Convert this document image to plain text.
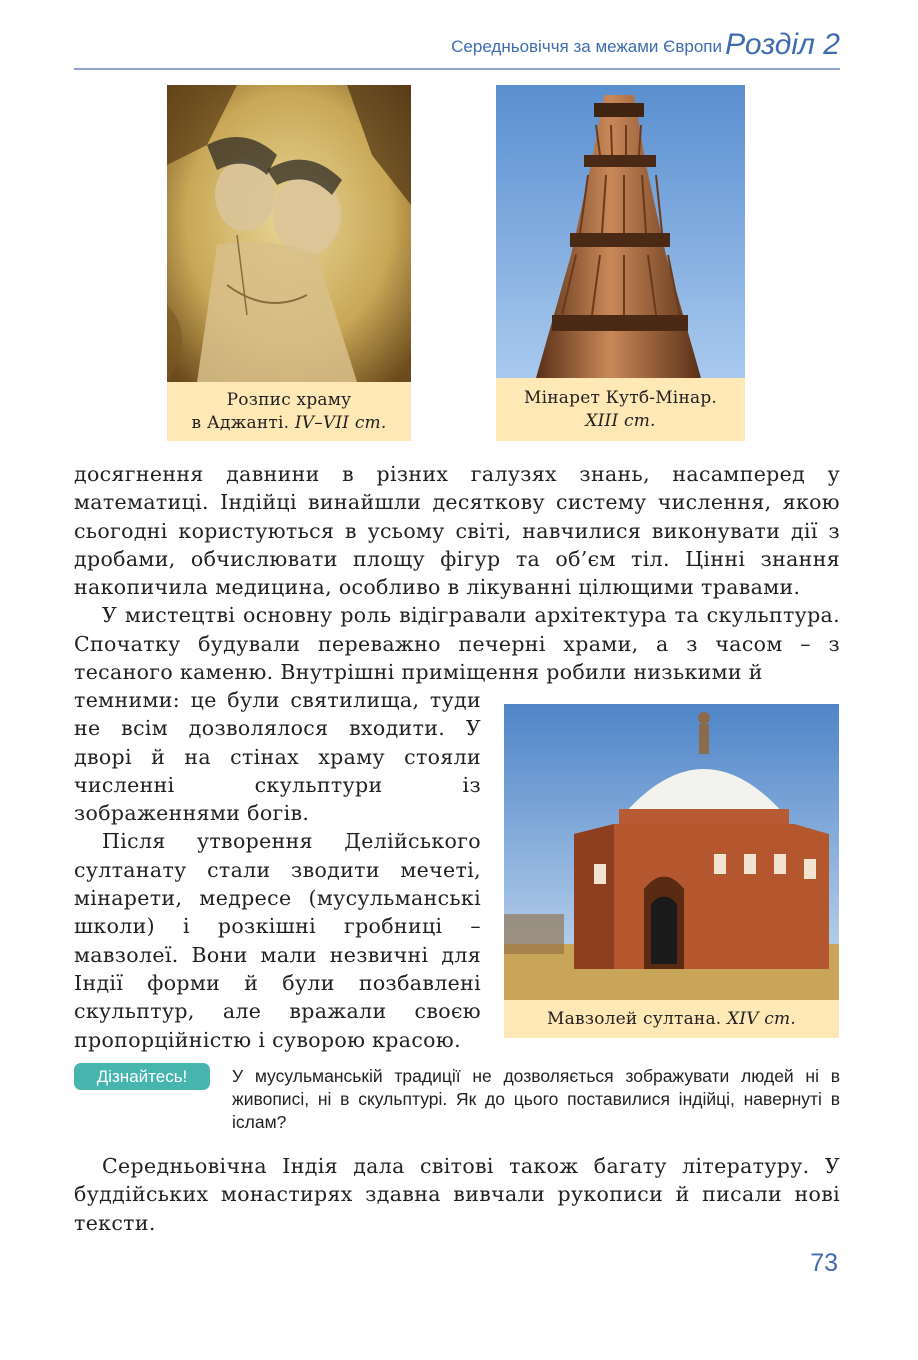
Середньовіччя за межами Європи Розділ 2
Розпис храму
в Аджанті. IV–VII ст.
Мінарет Кутб-Мінар.
XIII ст.

досягнення давнини в різних галузях знань, насамперед у математиці. Індійці винайшли десяткову систему числення, якою сьогодні користуються в усьому світі, навчилися виконувати дії з дробами, обчислювати площу фігур та об’єм тіл. Цінні знання накопичила медицина, особливо в лікуванні цілющими травами.

У мистецтві основну роль відігравали архітектура та скульптура. Спочатку будували переважно печерні храми, а з часом – з тесаного каменю. Внутрішні приміщення робили низькими й

темними: це були святилища, туди не всім дозволялося входити. У дворі й на стінах храму стояли численні скульптури із зображеннями богів.

Після утворення Делійського султанату стали зводити мечеті, мінарети, медресе (мусульманські школи) і розкішні гробниці – мавзолеї. Вони мали незвичні для Індії форми й були позбавлені скульптур, але вражали своєю пропорційністю і суворою красою.

Мавзолей султана. XIV ст.
Дізнайтесь!	У мусульманській традиції не дозволяється зображувати людей ні в живописі, ні в скульптурі. Як до цього поставилися індійці, навернуті в іслам?

Середньовічна Індія дала світові також багату літературу. У буддійських монастирях здавна вивчали рукописи й писали нові тексти.

73
